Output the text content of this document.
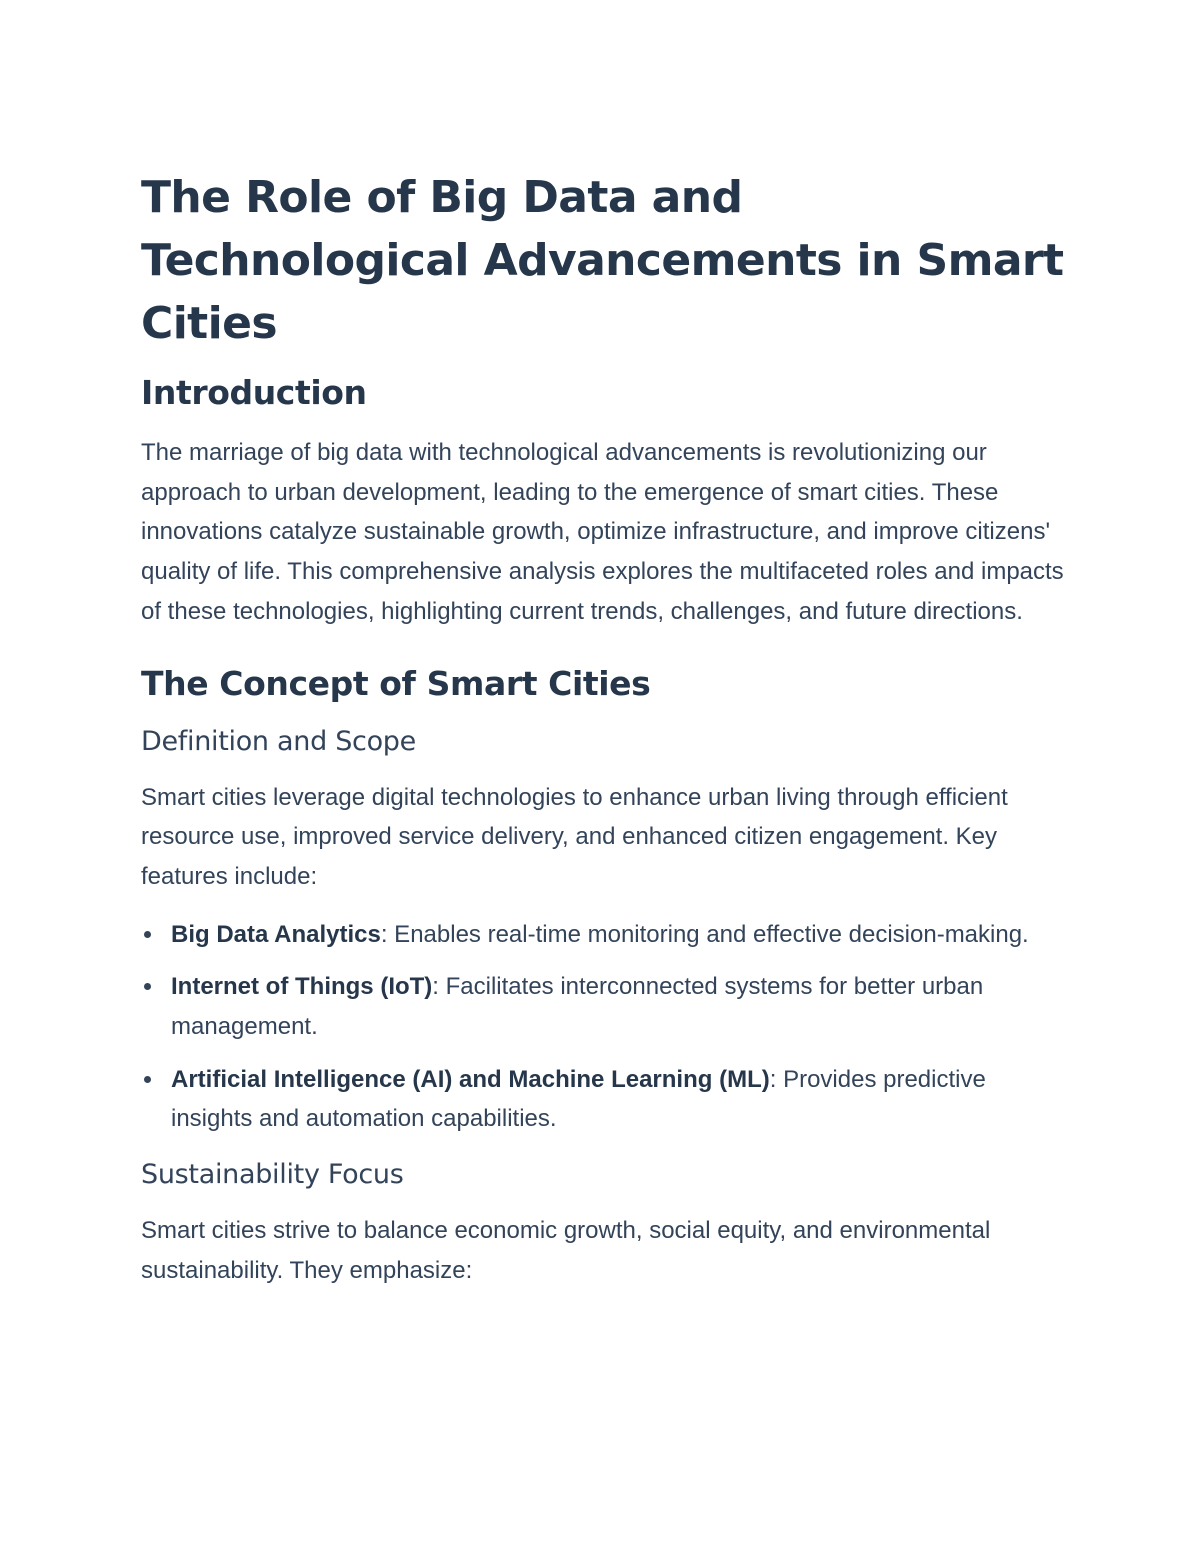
The Role of Big Data and Technological Advancements in Smart Cities
Introduction

The marriage of big data with technological advancements is revolutionizing our approach to urban development, leading to the emergence of smart cities. These innovations catalyze sustainable growth, optimize infrastructure, and improve citizens' quality of life. This comprehensive analysis explores the multifaceted roles and impacts of these technologies, highlighting current trends, challenges, and future directions.

The Concept of Smart Cities
Definition and Scope

Smart cities leverage digital technologies to enhance urban living through efficient resource use, improved service delivery, and enhanced citizen engagement. Key features include:

Big Data Analytics: Enables real-time monitoring and effective decision-making.
Internet of Things (IoT): Facilitates interconnected systems for better urban management.
Artificial Intelligence (AI) and Machine Learning (ML): Provides predictive insights and automation capabilities.
Sustainability Focus

Smart cities strive to balance economic growth, social equity, and environmental sustainability. They emphasize:
